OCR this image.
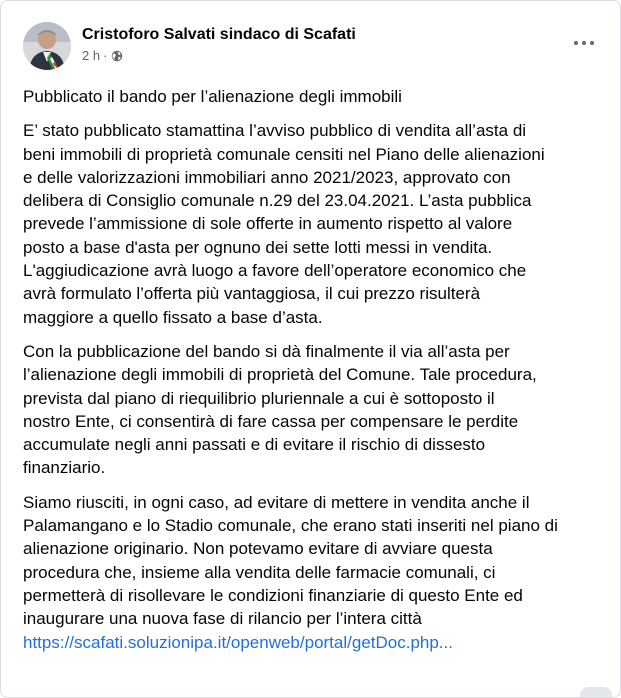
Cristoforo Salvati sindaco di Scafati
2 h ·

Pubblicato il bando per l’alienazione degli immobili

E’ stato pubblicato stamattina l’avviso pubblico di vendita all’asta di
beni immobili di proprietà comunale censiti nel Piano delle alienazioni
e delle valorizzazioni immobiliari anno 2021/2023, approvato con
delibera di Consiglio comunale n.29 del 23.04.2021. L’asta pubblica
prevede l’ammissione di sole offerte in aumento rispetto al valore
posto a base d'asta per ognuno dei sette lotti messi in vendita.
L'aggiudicazione avrà luogo a favore dell’operatore economico che
avrà formulato l’offerta più vantaggiosa, il cui prezzo risulterà
maggiore a quello fissato a base d’asta.

Con la pubblicazione del bando si dà finalmente il via all’asta per
l’alienazione degli immobili di proprietà del Comune. Tale procedura,
prevista dal piano di riequilibrio pluriennale a cui è sottoposto il
nostro Ente, ci consentirà di fare cassa per compensare le perdite
accumulate negli anni passati e di evitare il rischio di dissesto
finanziario.

Siamo riusciti, in ogni caso, ad evitare di mettere in vendita anche il
Palamangano e lo Stadio comunale, che erano stati inseriti nel piano di
alienazione originario. Non potevamo evitare di avviare questa
procedura che, insieme alla vendita delle farmacie comunali, ci
permetterà di risollevare le condizioni finanziarie di questo Ente ed
inaugurare una nuova fase di rilancio per l’intera città

https://scafati.soluzionipa.it/openweb/portal/getDoc.php...
